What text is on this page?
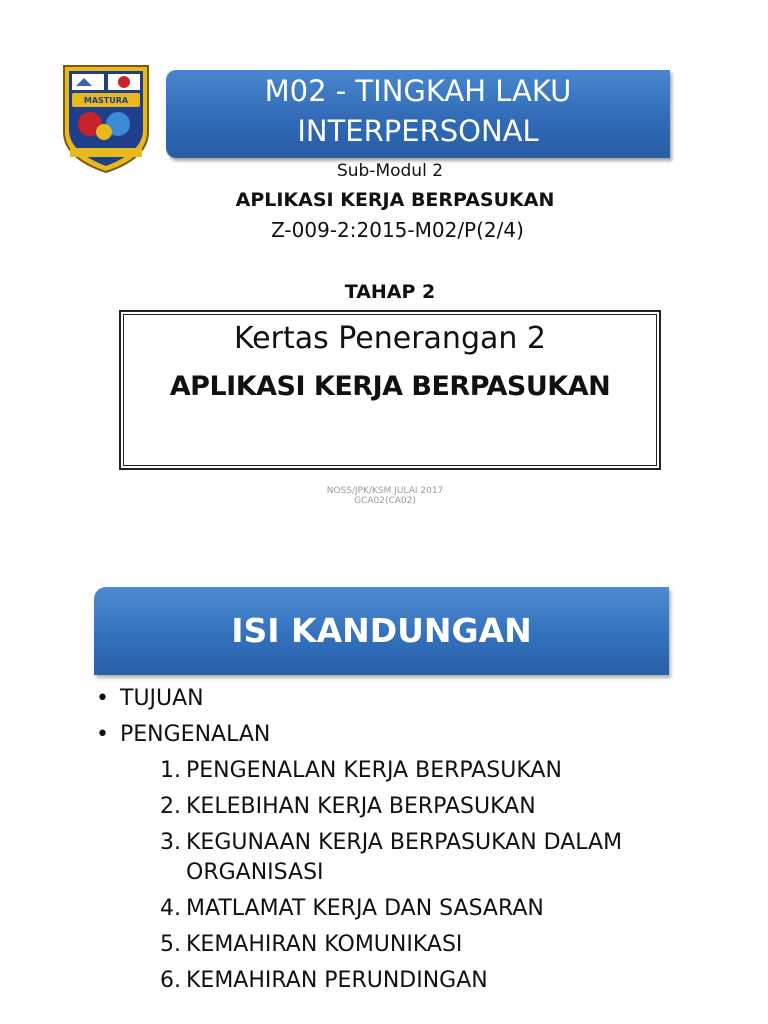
MASTURA	M02 - TINGKAH LAKU
INTERPERSONAL
Sub-Modul 2
APLIKASI KERJA BERPASUKAN
Z-009-2:2015-M02/P(2/4)
TAHAP 2
Kertas Penerangan 2
APLIKASI KERJA BERPASUKAN
NOSS/JPK/KSM JULAI 2017
GCA02(CA02)
ISI KANDUNGAN
• TUJUAN
• PENGENALAN
1. PENGENALAN KERJA BERPASUKAN
2. KELEBIHAN KERJA BERPASUKAN
3. KEGUNAAN KERJA BERPASUKAN DALAM
ORGANISASI
4. MATLAMAT KERJA DAN SASARAN
5. KEMAHIRAN KOMUNIKASI
6. KEMAHIRAN PERUNDINGAN
